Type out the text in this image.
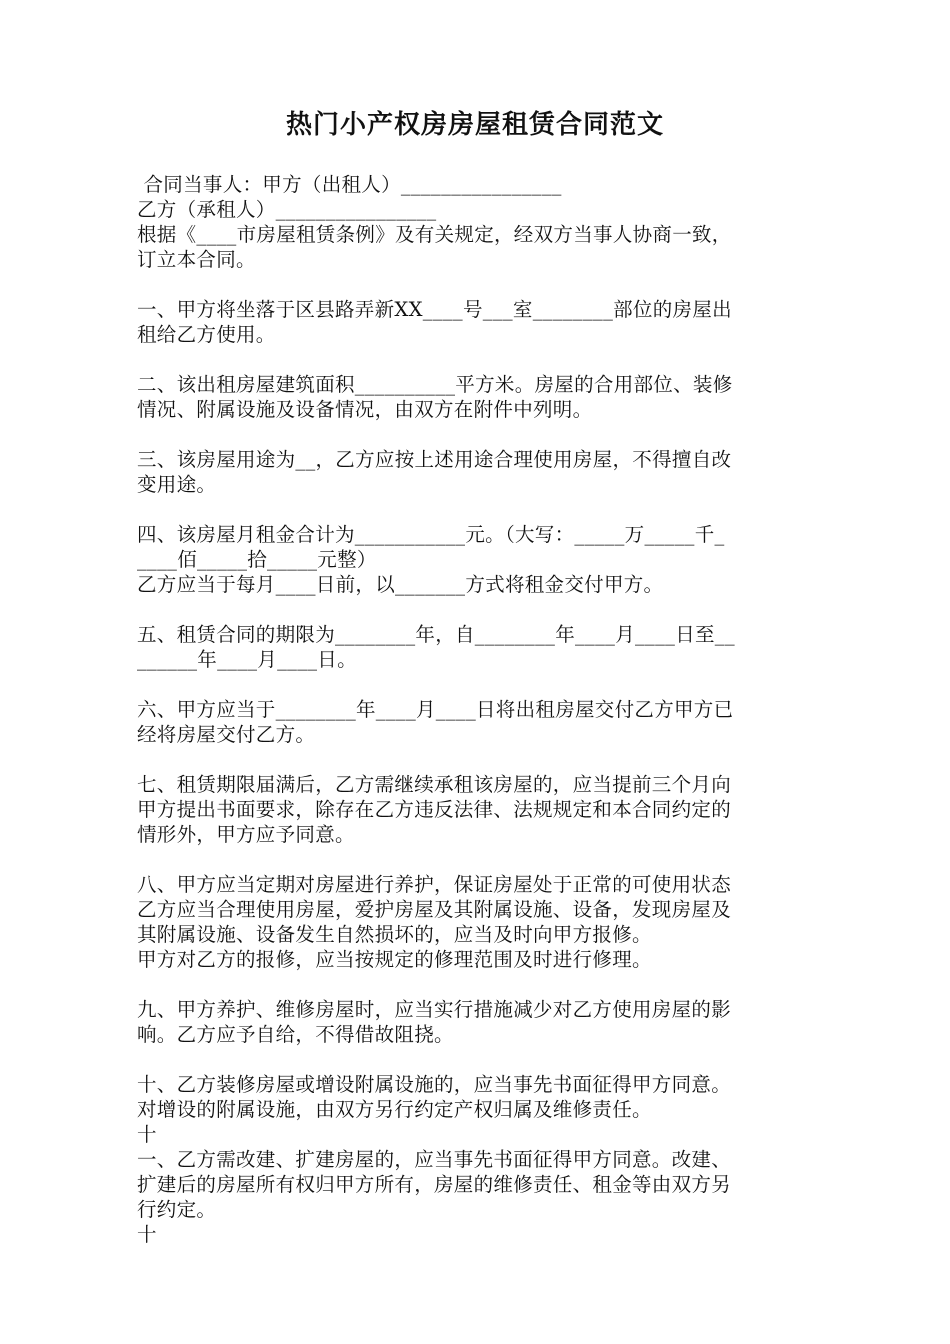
热门小产权房房屋租赁合同范文

合同当事人：甲方（出租人）________________

乙方（承租人）________________

根据《____市房屋租赁条例》及有关规定，经双方当事人协商一致，

订立本合同。

一、甲方将坐落于区县路弄新XX____号___室________部位的房屋出

租给乙方使用。

二、该出租房屋建筑面积__________平方米。房屋的合用部位、装修

情况、附属设施及设备情况，由双方在附件中列明。

三、该房屋用途为__，乙方应按上述用途合理使用房屋，不得擅自改

变用途。

四、该房屋月租金合计为___________元。（大写：_____万_____千_

____佰_____拾_____元整）

乙方应当于每月____日前，以_______方式将租金交付甲方。

五、租赁合同的期限为________年，自________年____月____日至__

______年____月____日。

六、甲方应当于________年____月____日将出租房屋交付乙方甲方已

经将房屋交付乙方。

七、租赁期限届满后，乙方需继续承租该房屋的，应当提前三个月向

甲方提出书面要求，除存在乙方违反法律、法规规定和本合同约定的

情形外，甲方应予同意。

八、甲方应当定期对房屋进行养护，保证房屋处于正常的可使用状态

乙方应当合理使用房屋，爱护房屋及其附属设施、设备，发现房屋及

其附属设施、设备发生自然损坏的，应当及时向甲方报修。

甲方对乙方的报修，应当按规定的修理范围及时进行修理。

九、甲方养护、维修房屋时，应当实行措施减少对乙方使用房屋的影

响。乙方应予自给，不得借故阻挠。

十、乙方装修房屋或增设附属设施的，应当事先书面征得甲方同意。

对增设的附属设施，由双方另行约定产权归属及维修责任。

十

一、乙方需改建、扩建房屋的，应当事先书面征得甲方同意。改建、

扩建后的房屋所有权归甲方所有，房屋的维修责任、租金等由双方另

行约定。

十
